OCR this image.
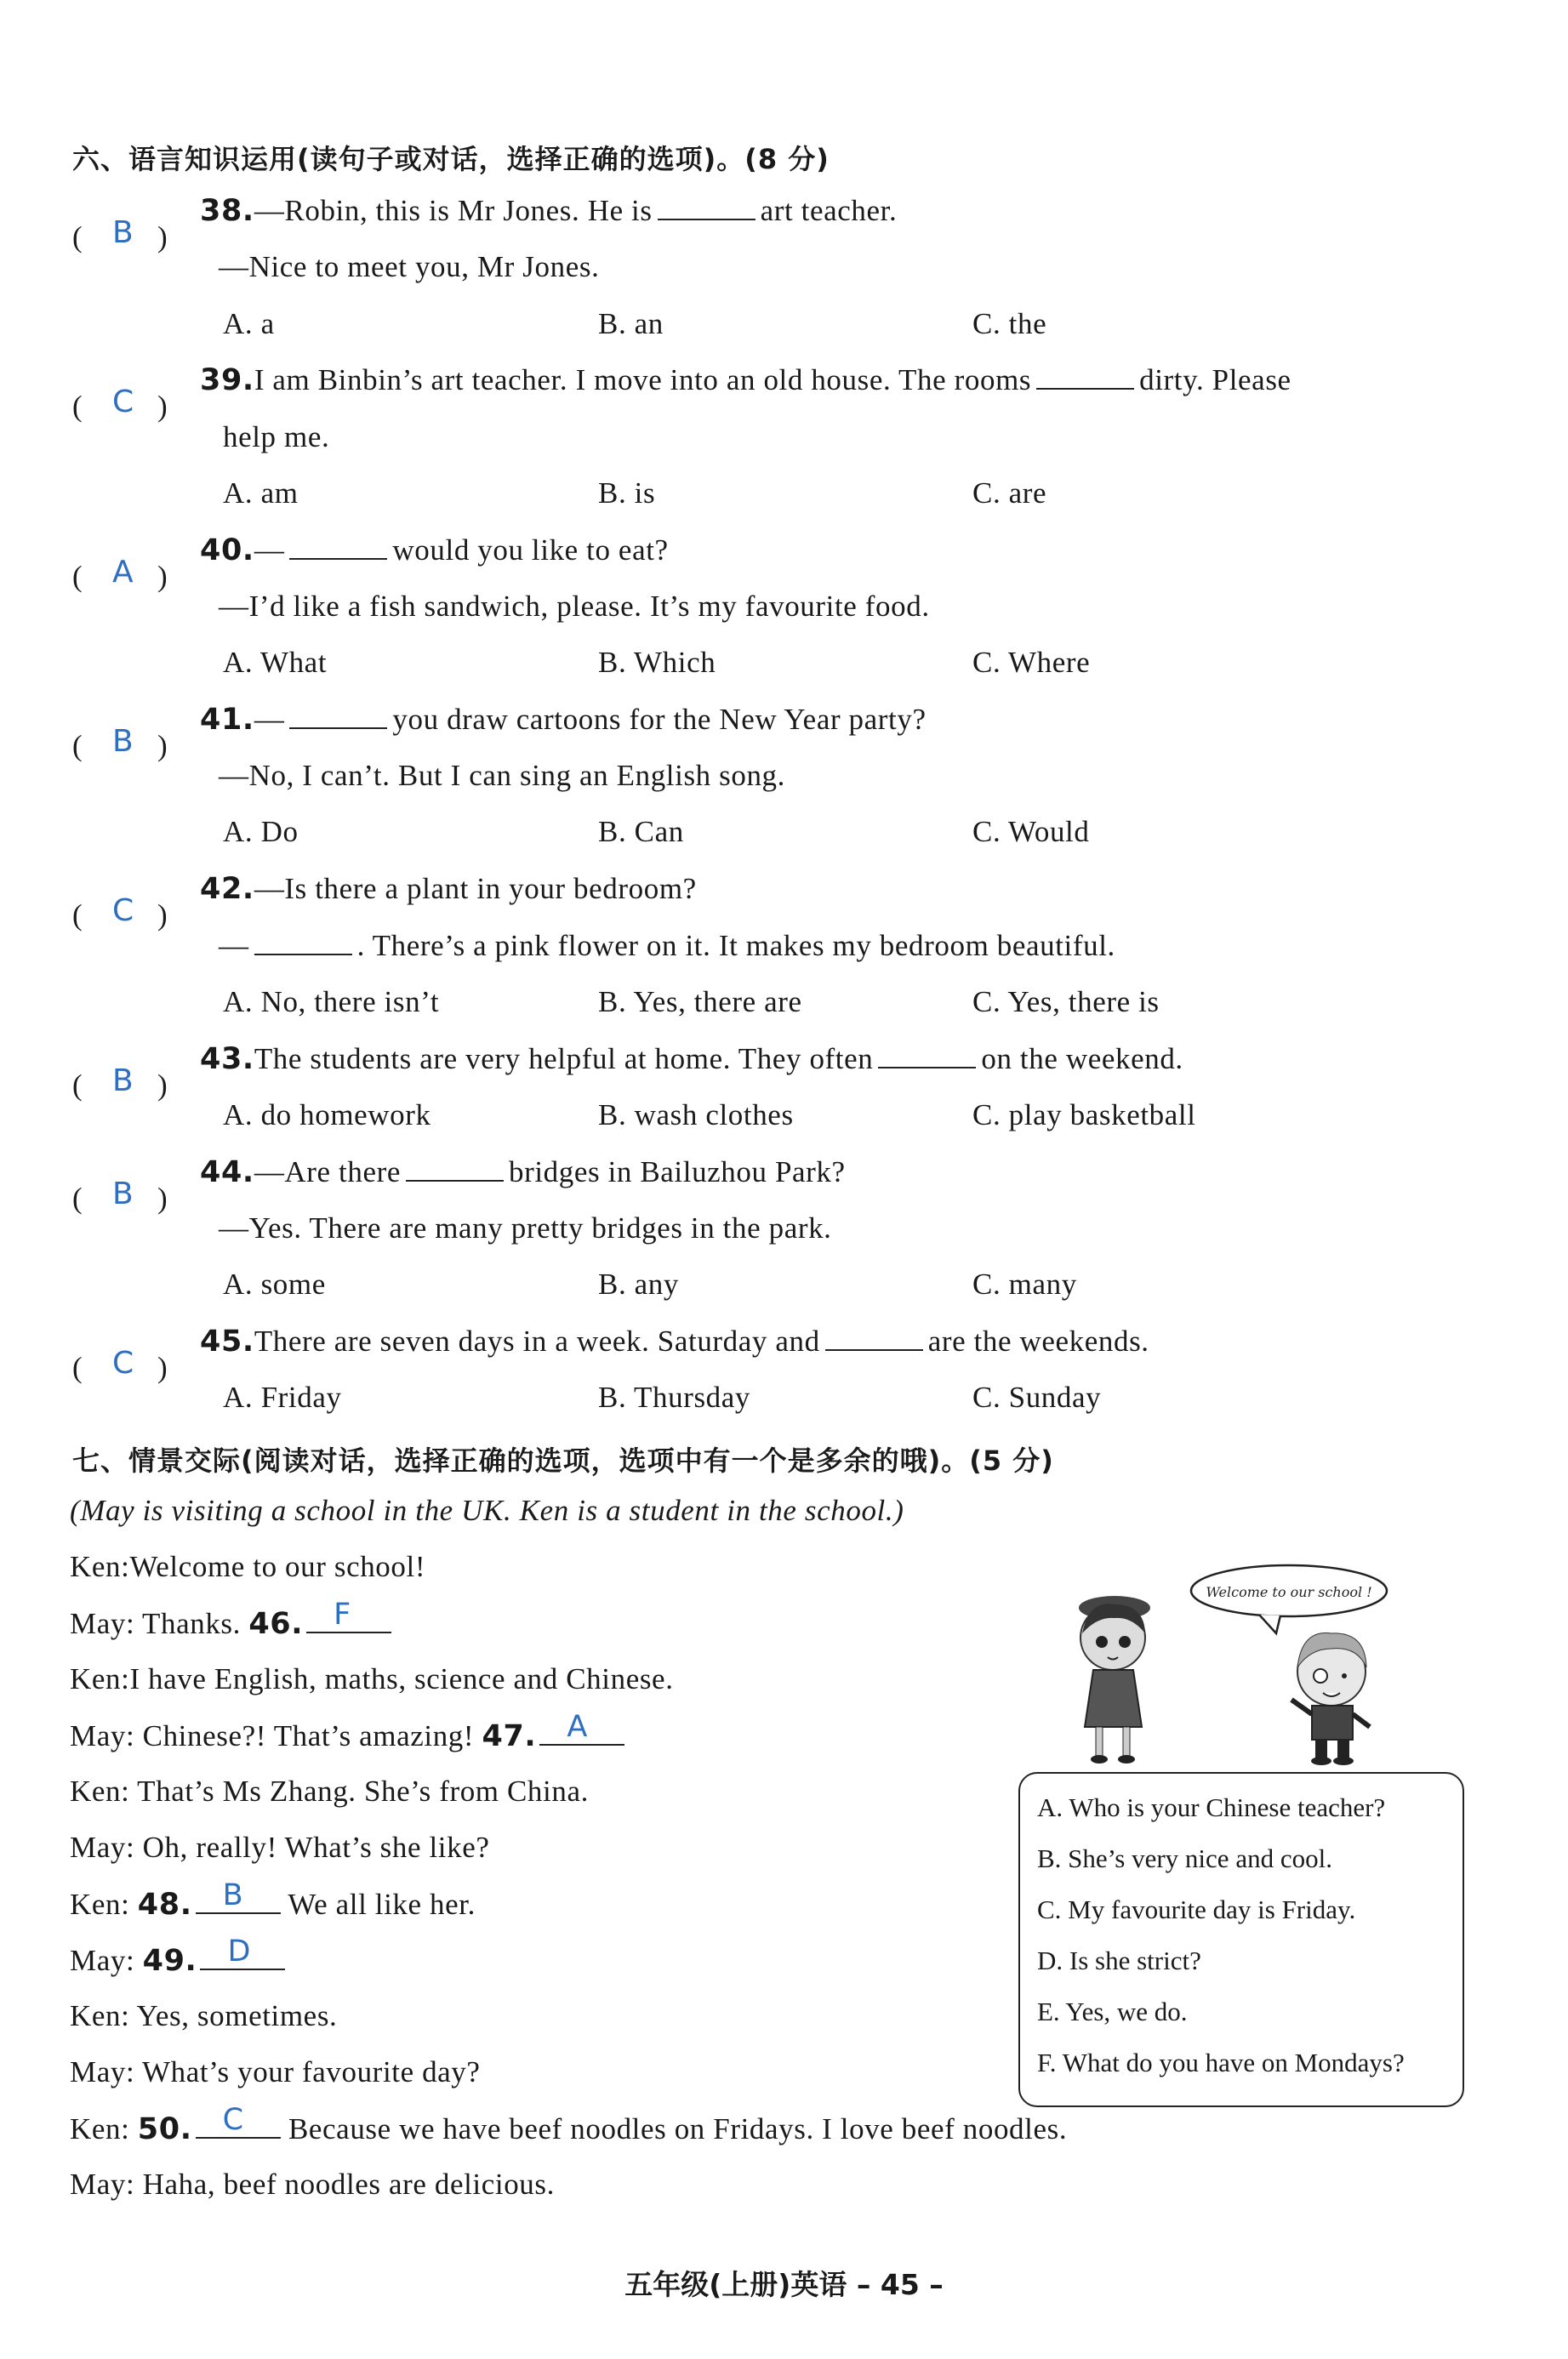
六、语言知识运用(读句子或对话，选择正确的选项)。(8 分)
( B )
38.—Robin, this is Mr Jones. He is	art teacher.
—Nice to meet you, Mr Jones.
A. a	B. an	C. the
( C )
39.I am Binbin’s art teacher. I move into an old house. The rooms	dirty. Please
help me.
A. am	B. is	C. are
( A )
40.—	would you like to eat?
—I’d like a fish sandwich, please. It’s my favourite food.
A. What	B. Which	C. Where
( B )
41.—	you draw cartoons for the New Year party?
—No, I can’t. But I can sing an English song.
A. Do	B. Can	C. Would
( C )
42.—Is there a plant in your bedroom?
—	. There’s a pink flower on it. It makes my bedroom beautiful.
A. No, there isn’t	B. Yes, there are	C. Yes, there is
( B )
43.The students are very helpful at home. They often	on the weekend.
A. do homework	B. wash clothes	C. play basketball
( B )
44.—Are there	bridges in Bailuzhou Park?
—Yes. There are many pretty bridges in the park.
A. some	B. any	C. many
( C )
45.There are seven days in a week. Saturday and	are the weekends.
A. Friday	B. Thursday	C. Sunday
七、情景交际(阅读对话，选择正确的选项，选项中有一个是多余的哦)。(5 分)
(May is visiting a school in the UK. Ken is a student in the school.)
Ken:Welcome to our school!
May: Thanks. 46. F
Ken:I have English, maths, science and Chinese.
May: Chinese?! That’s amazing! 47. A
Ken: That’s Ms Zhang. She’s from China.
May: Oh, really! What’s she like?
Ken: 48. B We all like her.
May: 49. D
Ken: Yes, sometimes.
May: What’s your favourite day?
Ken: 50. C Because we have beef noodles on Fridays. I love beef noodles.
May: Haha, beef noodles are delicious.
Welcome to our school !
A. Who is your Chinese teacher?
B. She’s very nice and cool.
C. My favourite day is Friday.
D. Is she strict?
E. Yes, we do.
F. What do you have on Mondays?
五年级(上册)英语 – 45 –
